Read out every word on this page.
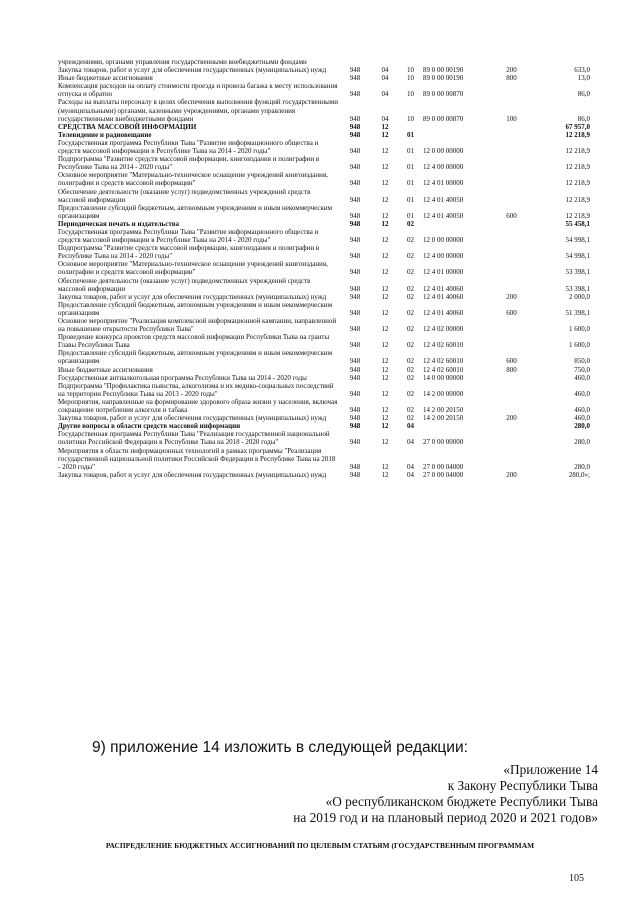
учреждениями, органами управления государственными внебюджетными фондами						
Закупка товаров, работ и услуг для обеспечения государственных (муниципальных) нужд	948	04	10	89 0 00 00190	200	633,0
Иные бюджетные ассигнования	948	04	10	89 0 00 00190	800	13,0
Компенсация расходов на оплату стоимости проезда и провоза багажа к месту использования отпуска и обратно	948	04	10	89 0 00 00870		86,0
Расходы на выплаты персоналу в целях обеспечения выполнения функций государственными (муниципальными) органами, казенными учреждениями, органами управления государственными внебюджетными фондами	948	04	10	89 0 00 00870	100	86,0
СРЕДСТВА МАССОВОЙ ИНФОРМАЦИИ	948	12				67 957,0
Телевидение и радиовещание	948	12	01			12 218,9
Государственная программа Республики Тыва "Развитие информационного общества и средств массовой информации в Республике Тыва на 2014 - 2020 годы"	948	12	01	12 0 00 00000		12 218,9
Подпрограмма "Развитие средств массовой информации, книгоиздания и полиграфии в Республике Тыва на 2014 - 2020 годы"	948	12	01	12 4 00 00000		12 218,9
Основное мероприятие "Материально-техническое оснащение учреждений книгоиздания, полиграфии и средств массовой информации"	948	12	01	12 4 01 00000		12 218,9
Обеспечение деятельности (оказание услуг) подведомственных учреждений средств массовой информации	948	12	01	12 4 01 40050		12 218,9
Предоставление субсидий бюджетным, автономным учреждениям и иным некоммерческим организациям	948	12	01	12 4 01 40050	600	12 218,9
Периодическая печать и издательства	948	12	02			55 458,1
Государственная программа Республики Тыва "Развитие информационного общества и средств массовой информации в Республике Тыва на 2014 - 2020 годы"	948	12	02	12 0 00 00000		54 998,1
Подпрограмма "Развитие средств массовой информации, книгоиздания и полиграфии в Республике Тыва на 2014 - 2020 годы"	948	12	02	12 4 00 00000		54 998,1
Основное мероприятие "Материально-техническое оснащение учреждений книгоиздания, полиграфии и средств массовой информации"	948	12	02	12 4 01 00000		53 398,1
Обеспечение деятельности (оказание услуг) подведомственных учреждений средств массовой информации	948	12	02	12 4 01 40060		53 398,1
Закупка товаров, работ и услуг для обеспечения государственных (муниципальных) нужд	948	12	02	12 4 01 40060	200	2 000,0
Предоставление субсидий бюджетным, автономным учреждениям и иным некоммерческим организациям	948	12	02	12 4 01 40060	600	51 398,1
Основное мероприятие "Реализация комплексной информационной кампании, направленной на повышение открытости Республики Тыва"	948	12	02	12 4 02 00000		1 600,0
Проведение конкурса проектов средств массовой информации Республики Тыва на гранты Главы Республики Тыва	948	12	02	12 4 02 60010		1 600,0
Предоставление субсидий бюджетным, автономным учреждениям и иным некоммерческим организациям	948	12	02	12 4 02 60010	600	850,0
Иные бюджетные ассигнования	948	12	02	12 4 02 60010	800	750,0
Государственная антиалкогольная программа Республики Тыва на 2014 - 2020 годы	948	12	02	14 0 00 00000		460,0
Подпрограмма "Профилактика пьянства, алкоголизма и их медико-социальных последствий на территории Республики Тыва на 2013 - 2020 годы"	948	12	02	14 2 00 00000		460,0
Мероприятия, направленные на формирование здорового образа жизни у населения, включая сокращение потребления алкоголя и табака	948	12	02	14 2 00 20150		460,0
Закупка товаров, работ и услуг для обеспечения государственных (муниципальных) нужд	948	12	02	14 2 00 20150	200	460,0
Другие вопросы в области средств массовой информации	948	12	04			280,0
Государственная программа Республики Тыва "Реализация государственной национальной политики Российской Федерации в Республике Тыва на 2018 - 2020 годы"	948	12	04	27 0 00 00000		280,0
Мероприятия в области информационных технологий в рамках программы "Реализация государственной национальной политики Российской Федерации в Республике Тыва на 2018 - 2020 годы"	948	12	04	27 0 00 04000		280,0
Закупка товаров, работ и услуг для обеспечения государственных (муниципальных) нужд	948	12	04	27 0 00 04000	200	280,0»;
9) приложение 14 изложить в следующей редакции:
«Приложение 14
к Закону Республики Тыва
«О республиканском бюджете Республики Тыва
на 2019 год и на плановый период 2020 и 2021 годов»
РАСПРЕДЕЛЕНИЕ БЮДЖЕТНЫХ АССИГНОВАНИЙ ПО ЦЕЛЕВЫМ СТАТЬЯМ (ГОСУДАРСТВЕННЫМ ПРОГРАММАМ
105
